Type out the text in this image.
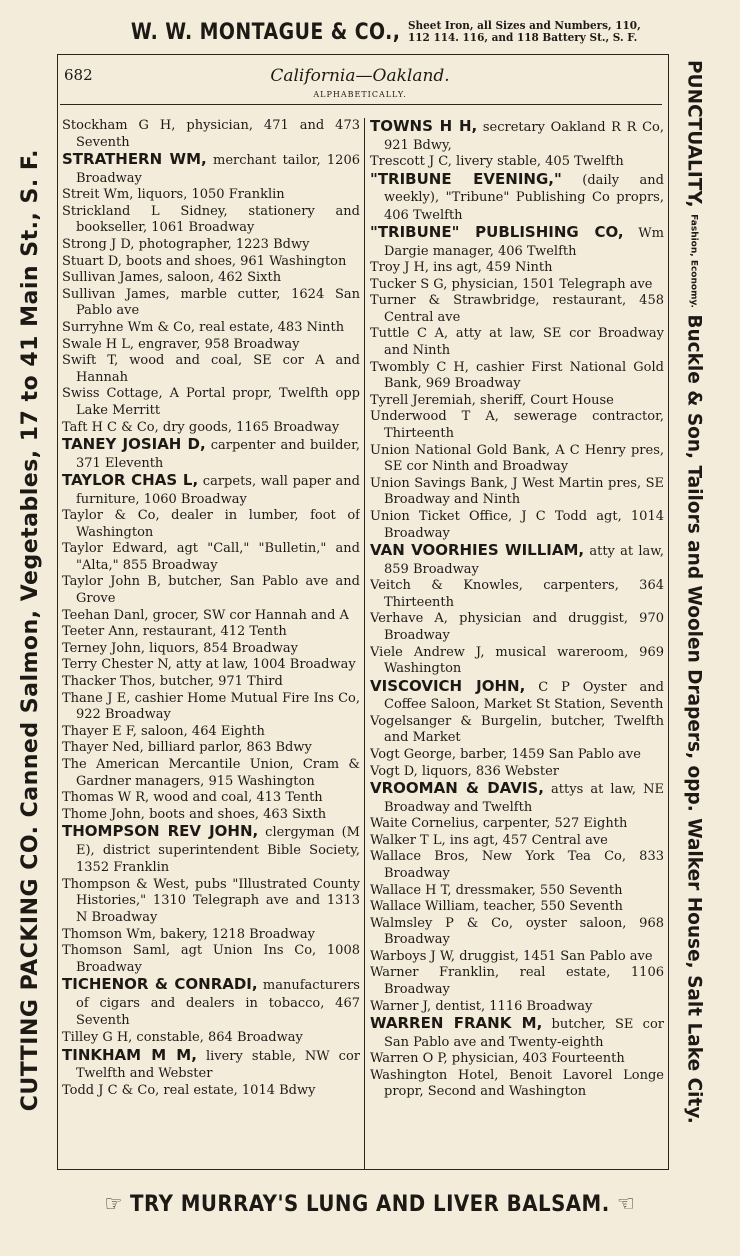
W. W. MONTAGUE & CO., Sheet Iron, all Sizes and Numbers, 110,
112 114. 116, and 118 Battery St., S. F.
CUTTING PACKING CO. Canned Salmon, Vegetables, 17 to 41 Main St., S. F.
PUNCTUALITY, Fashion, Economy. Buckle & Son, Tailors and Woolen Drapers, opp. Walker House, Salt Lake City.
682	California—Oakland.
ALPHABETICALLY.

Stockham G H, physician, 471 and 473 Seventh

STRATHERN WM, merchant tailor, 1206 Broadway

Streit Wm, liquors, 1050 Franklin

Strickland L Sidney, stationery and bookseller, 1061 Broadway

Strong J D, photographer, 1223 Bdwy

Stuart D, boots and shoes, 961 Washington

Sullivan James, saloon, 462 Sixth

Sullivan James, marble cutter, 1624 San Pablo ave

Surryhne Wm & Co, real estate, 483 Ninth

Swale H L, engraver, 958 Broadway

Swift T, wood and coal, SE cor A and Hannah

Swiss Cottage, A Portal propr, Twelfth opp Lake Merritt

Taft H C & Co, dry goods, 1165 Broadway

TANEY JOSIAH D, carpenter and builder, 371 Eleventh

TAYLOR CHAS L, carpets, wall paper and furniture, 1060 Broadway

Taylor & Co, dealer in lumber, foot of Washington

Taylor Edward, agt "Call," "Bulletin," and "Alta," 855 Broadway

Taylor John B, butcher, San Pablo ave and Grove

Teehan Danl, grocer, SW cor Hannah and A

Teeter Ann, restaurant, 412 Tenth

Terney John, liquors, 854 Broadway

Terry Chester N, atty at law, 1004 Broadway

Thacker Thos, butcher, 971 Third

Thane J E, cashier Home Mutual Fire Ins Co, 922 Broadway

Thayer E F, saloon, 464 Eighth

Thayer Ned, billiard parlor, 863 Bdwy

The American Mercantile Union, Cram & Gardner managers, 915 Washington

Thomas W R, wood and coal, 413 Tenth

Thome John, boots and shoes, 463 Sixth

THOMPSON REV JOHN, clergyman (M E), district superintendent Bible Society, 1352 Franklin

Thompson & West, pubs "Illustrated County Histories," 1310 Telegraph ave and 1313 N Broadway

Thomson Wm, bakery, 1218 Broadway

Thomson Saml, agt Union Ins Co, 1008 Broadway

TICHENOR & CONRADI, manufacturers of cigars and dealers in tobacco, 467 Seventh

Tilley G H, constable, 864 Broadway

TINKHAM M M, livery stable, NW cor Twelfth and Webster

Todd J C & Co, real estate, 1014 Bdwy

TOWNS H H, secretary Oakland R R Co, 921 Bdwy,

Trescott J C, livery stable, 405 Twelfth

"TRIBUNE EVENING," (daily and weekly), "Tribune" Publishing Co proprs, 406 Twelfth

"TRIBUNE" PUBLISHING CO, Wm Dargie manager, 406 Twelfth

Troy J H, ins agt, 459 Ninth

Tucker S G, physician, 1501 Telegraph ave

Turner & Strawbridge, restaurant, 458 Central ave

Tuttle C A, atty at law, SE cor Broadway and Ninth

Twombly C H, cashier First National Gold Bank, 969 Broadway

Tyrell Jeremiah, sheriff, Court House

Underwood T A, sewerage contractor, Thirteenth

Union National Gold Bank, A C Henry pres, SE cor Ninth and Broadway

Union Savings Bank, J West Martin pres, SE Broadway and Ninth

Union Ticket Office, J C Todd agt, 1014 Broadway

VAN VOORHIES WILLIAM, atty at law, 859 Broadway

Veitch & Knowles, carpenters, 364 Thirteenth

Verhave A, physician and druggist, 970 Broadway

Viele Andrew J, musical wareroom, 969 Washington

VISCOVICH JOHN, C P Oyster and Coffee Saloon, Market St Station, Seventh

Vogelsanger & Burgelin, butcher, Twelfth and Market

Vogt George, barber, 1459 San Pablo ave

Vogt D, liquors, 836 Webster

VROOMAN & DAVIS, attys at law, NE Broadway and Twelfth

Waite Cornelius, carpenter, 527 Eighth

Walker T L, ins agt, 457 Central ave

Wallace Bros, New York Tea Co, 833 Broadway

Wallace H T, dressmaker, 550 Seventh

Wallace William, teacher, 550 Seventh

Walmsley P & Co, oyster saloon, 968 Broadway

Warboys J W, druggist, 1451 San Pablo ave

Warner Franklin, real estate, 1106 Broadway

Warner J, dentist, 1116 Broadway

WARREN FRANK M, butcher, SE cor San Pablo ave and Twenty-eighth

Warren O P, physician, 403 Fourteenth

Washington Hotel, Benoit Lavorel Longe propr, Second and Washington

☞ TRY MURRAY'S LUNG AND LIVER BALSAM. ☜
